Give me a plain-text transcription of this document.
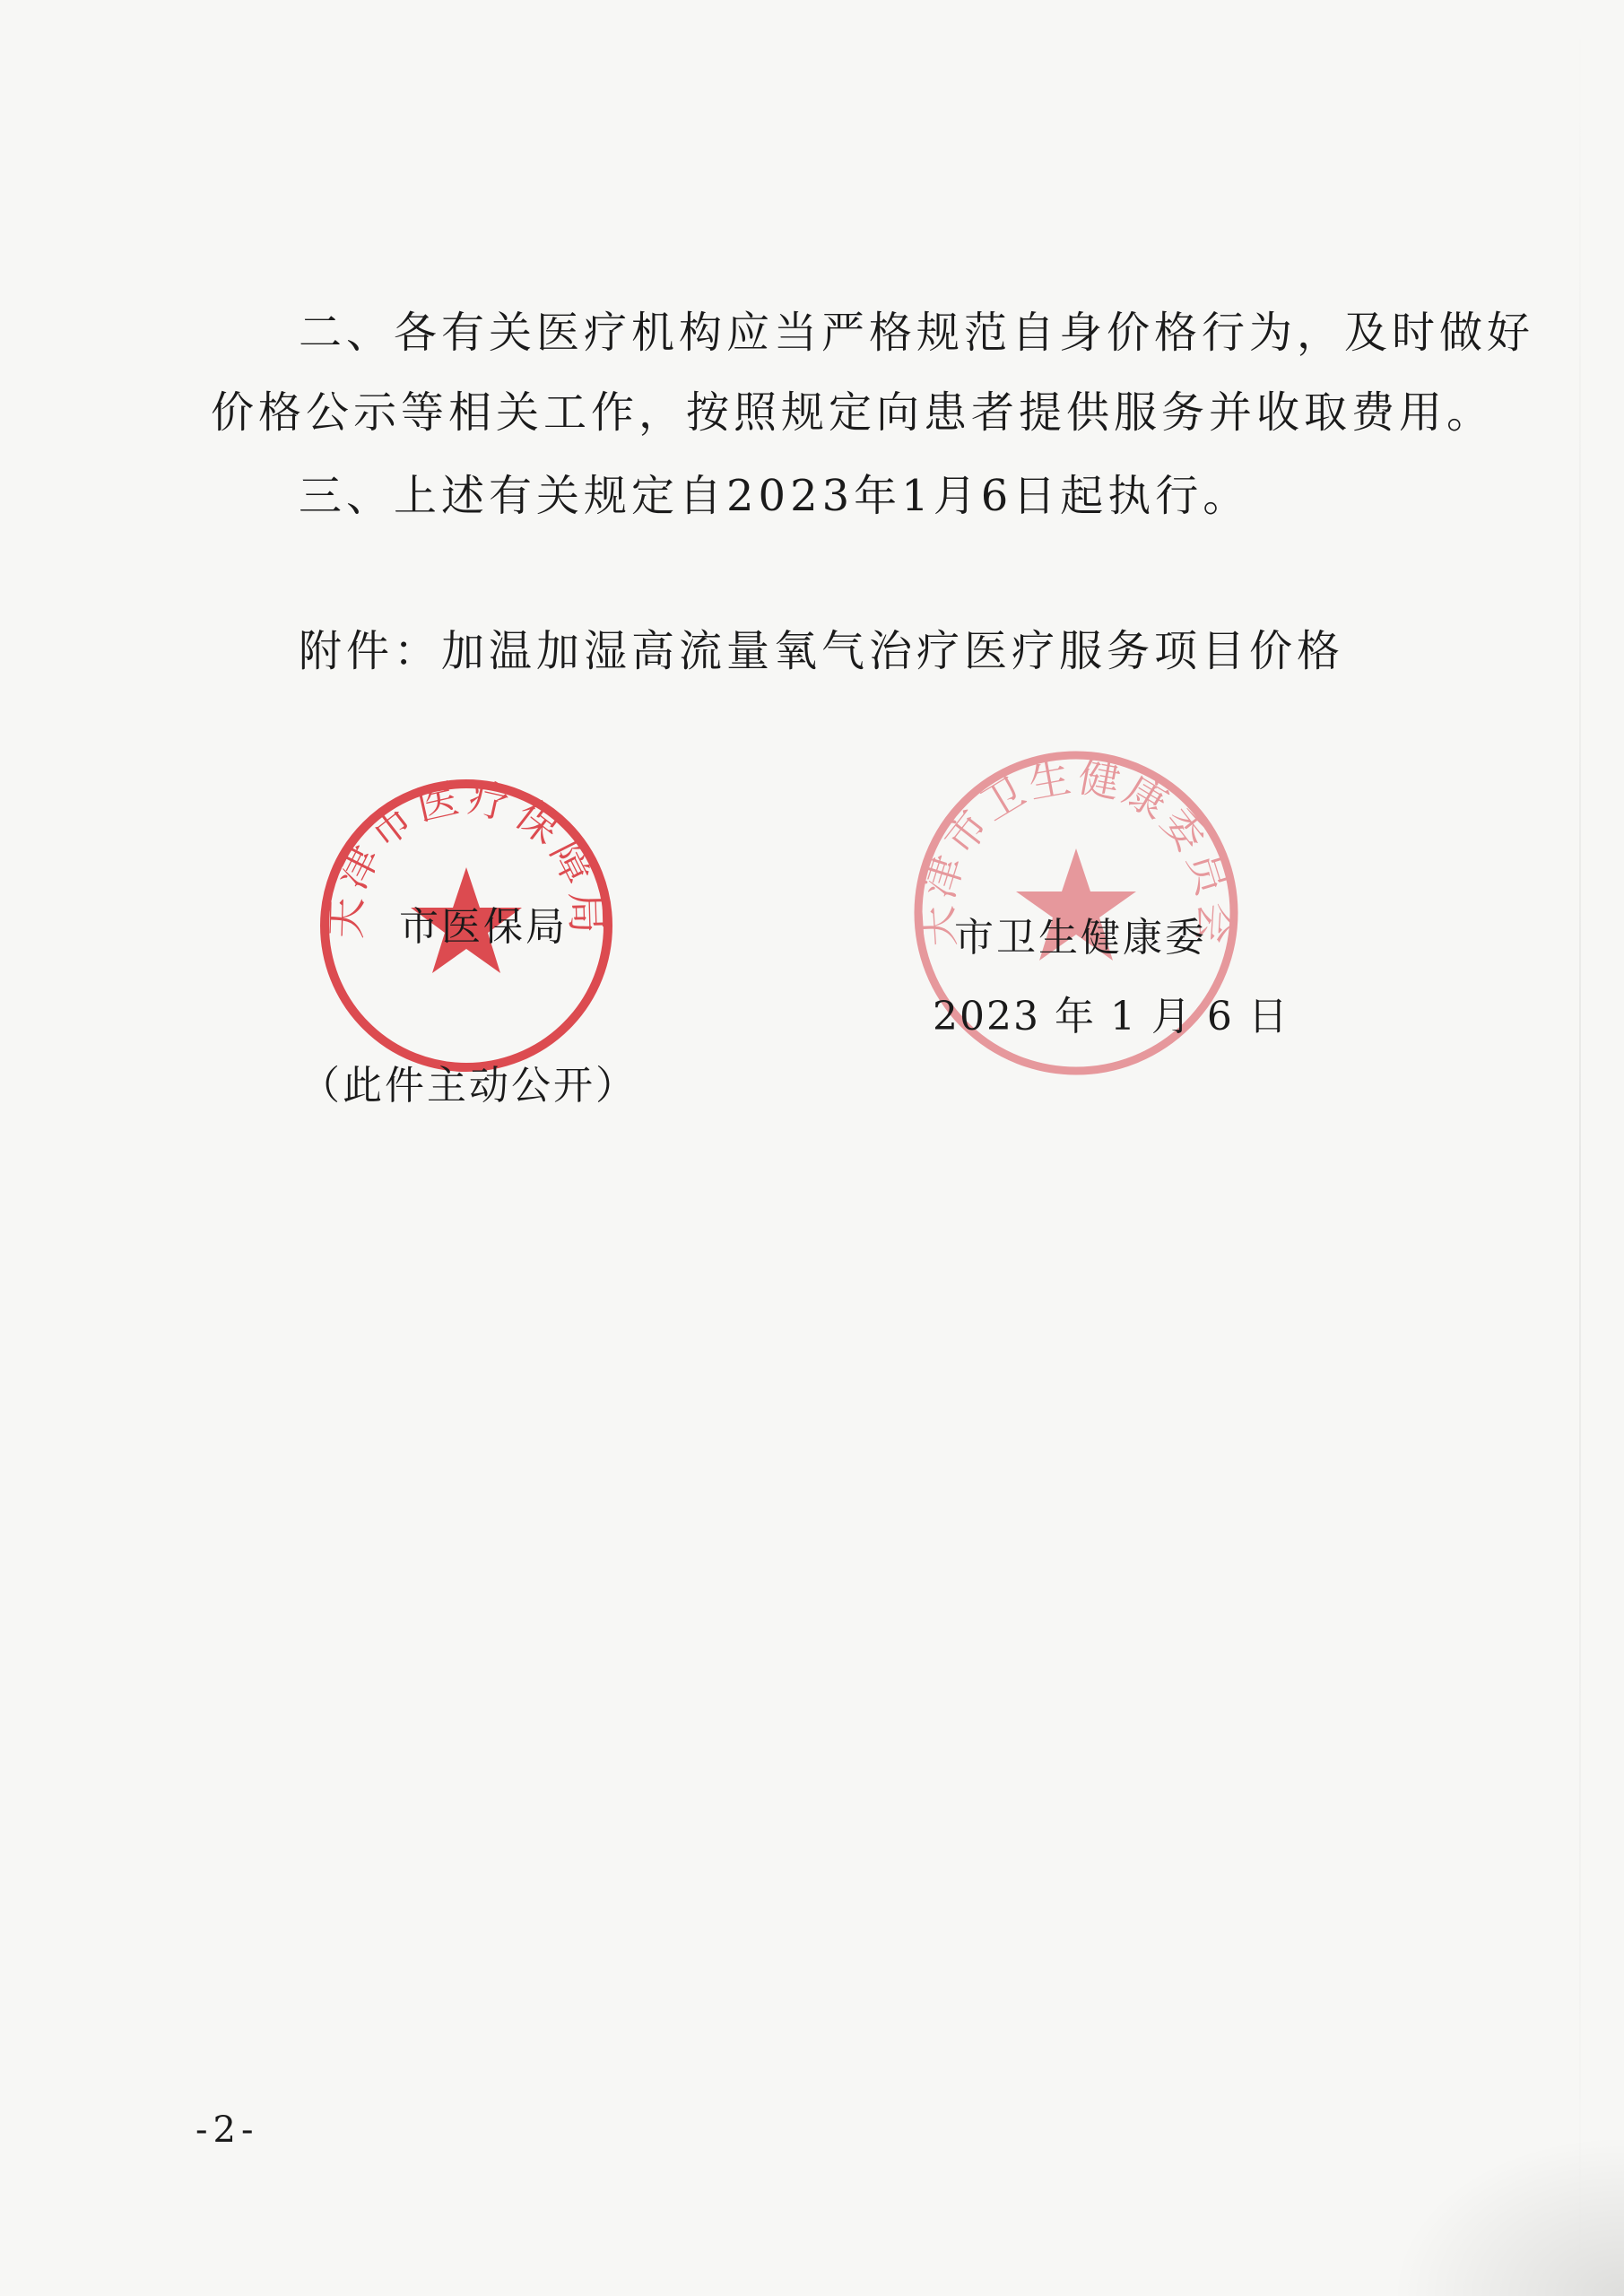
二、各有关医疗机构应当严格规范自身价格行为，及时做好
价格公示等相关工作，按照规定向患者提供服务并收取费用。
三、上述有关规定自2023年1月6日起执行。
附件：加温加湿高流量氧气治疗医疗服务项目价格
天津市医疗保障局	天津市卫生健康委员会
市医保局	市卫生健康委
2023 年 1 月 6 日
（此件主动公开）
-2-
